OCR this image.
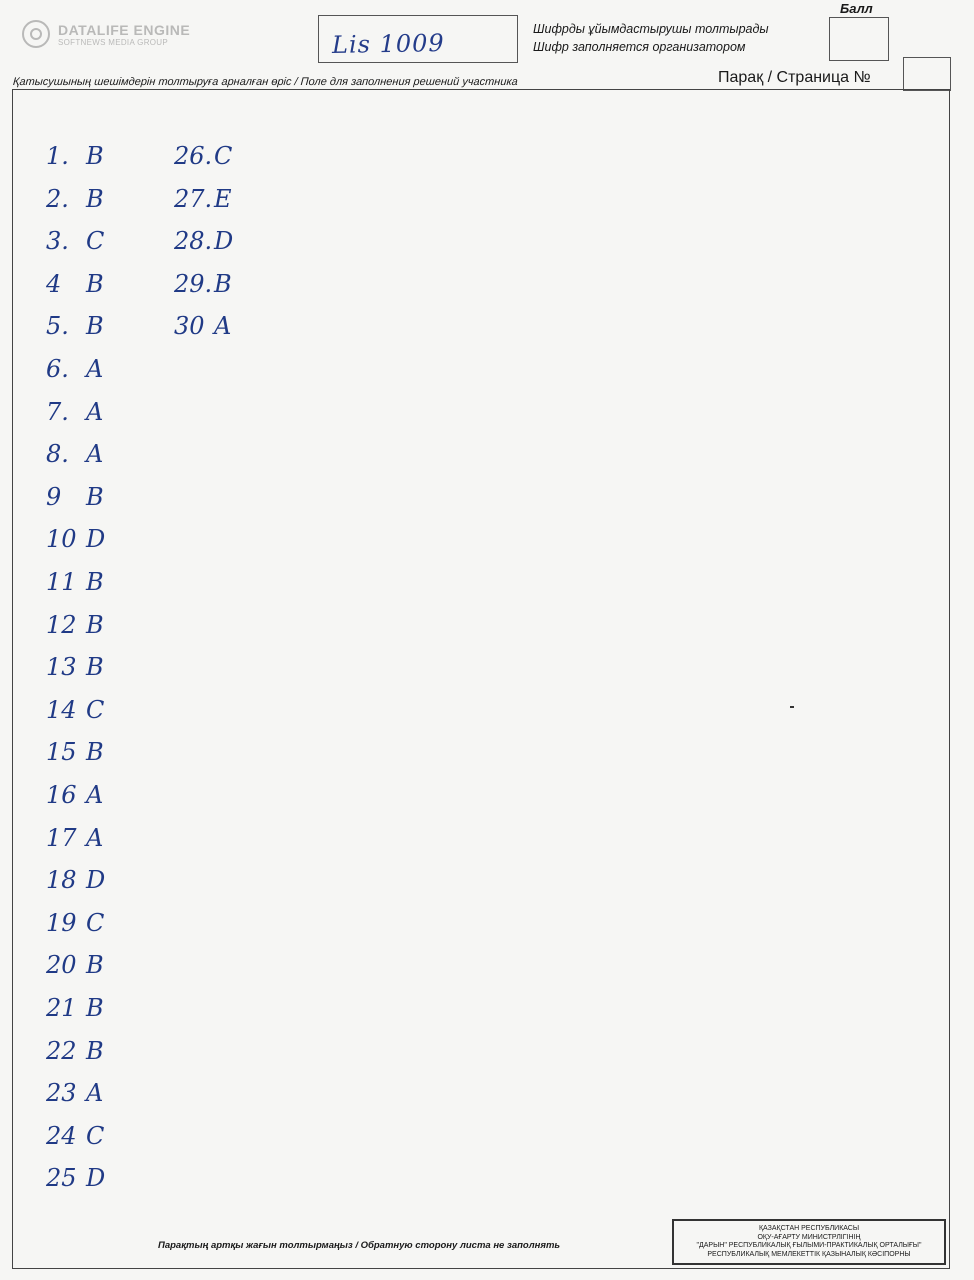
DATALIFE ENGINE
SOFTNEWS MEDIA GROUP	Lis 1009
Шифрды ұйымдастырушы толтырады
Шифр заполняется организатором
Балл
Қатысушының шешімдерін толтыруға арналған өріс / Поле для заполнения решений участника	Парақ / Страница №
1. B
2. B
3. C
4 B
5. B
6. A
7. A
8. A
9 B
10 D
11 B
12 B
13 B
14 C
15 B
16 A
17 A
18 D
19 C
20 B
21 B
22 B
23 A
24 C
25 D
26.C
27.E
28.D
29.B
30 A
Парақтың артқы жағын толтырмаңыз / Обратную сторону листа не заполнять
ҚАЗАҚСТАН РЕСПУБЛИКАСЫ
ОҚУ-АҒАРТУ МИНИСТРЛІГІНІҢ
"ДАРЫН" РЕСПУБЛИКАЛЫҚ ҒЫЛЫМИ-ПРАКТИКАЛЫҚ ОРТАЛЫҒЫ"
РЕСПУБЛИКАЛЫҚ МЕМЛЕКЕТТІК ҚАЗЫНАЛЫҚ КӘСІПОРНЫ
